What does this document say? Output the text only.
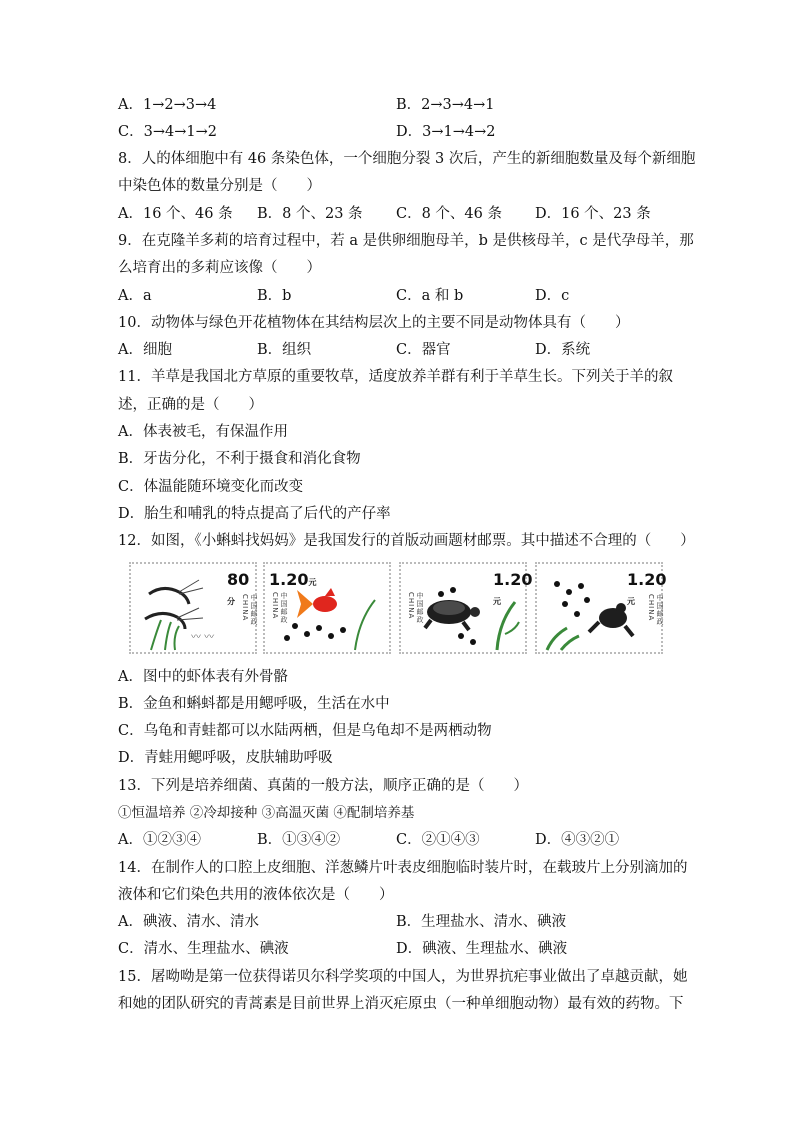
A．1→2→3→4	B．2→3→4→1
C．3→4→1→2	D．3→1→4→2
8．人的体细胞中有 46 条染色体，一个细胞分裂 3 次后，产生的新细胞数量及每个新细胞
中染色体的数量分别是（　　）
A．16 个、46 条 B．8 个、23 条 C．8 个、46 条 D．16 个、23 条
9．在克隆羊多莉的培育过程中，若 a 是供卵细胞母羊，b 是供核母羊，c 是代孕母羊，那
么培育出的多莉应该像（　　）
A．a	B．b	C．a 和 b	D．c
10．动物体与绿色开花植物体在其结构层次上的主要不同是动物体具有（　　）
A．细胞	B．组织	C．器官	D．系统
11．羊草是我国北方草原的重要牧草，适度放养羊群有利于羊草生长。下列关于羊的叙
述，正确的是（　　）
A．体表被毛，有保温作用
B．牙齿分化，不利于摄食和消化食物
C．体温能随环境变化而改变
D．胎生和哺乳的特点提高了后代的产仔率
12．如图，《小蝌蚪找妈妈》是我国发行的首版动画题材邮票。其中描述不合理的（　　）
〰 〰
80分	中国邮政 CHINA
1.20元
中国邮政 CHINA
1.20元
中国邮政 CHINA
1.20元	中国邮政 CHINA
A．图中的虾体表有外骨骼
B．金鱼和蝌蚪都是用鳃呼吸，生活在水中
C．乌龟和青蛙都可以水陆两栖，但是乌龟却不是两栖动物
D．青蛙用鳃呼吸，皮肤辅助呼吸
13．下列是培养细菌、真菌的一般方法，顺序正确的是（　　）
①恒温培养 ②冷却接种 ③高温灭菌 ④配制培养基
A．①②③④	B．①③④②	C．②①④③	D．④③②①
14．在制作人的口腔上皮细胞、洋葱鳞片叶表皮细胞临时装片时，在载玻片上分别滴加的
液体和它们染色共用的液体依次是（　　）
A．碘液、清水、清水	B．生理盐水、清水、碘液
C．清水、生理盐水、碘液	D．碘液、生理盐水、碘液
15．屠呦呦是第一位获得诺贝尔科学奖项的中国人，为世界抗疟事业做出了卓越贡献，她
和她的团队研究的青蒿素是目前世界上消灭疟原虫（一种单细胞动物）最有效的药物。下
